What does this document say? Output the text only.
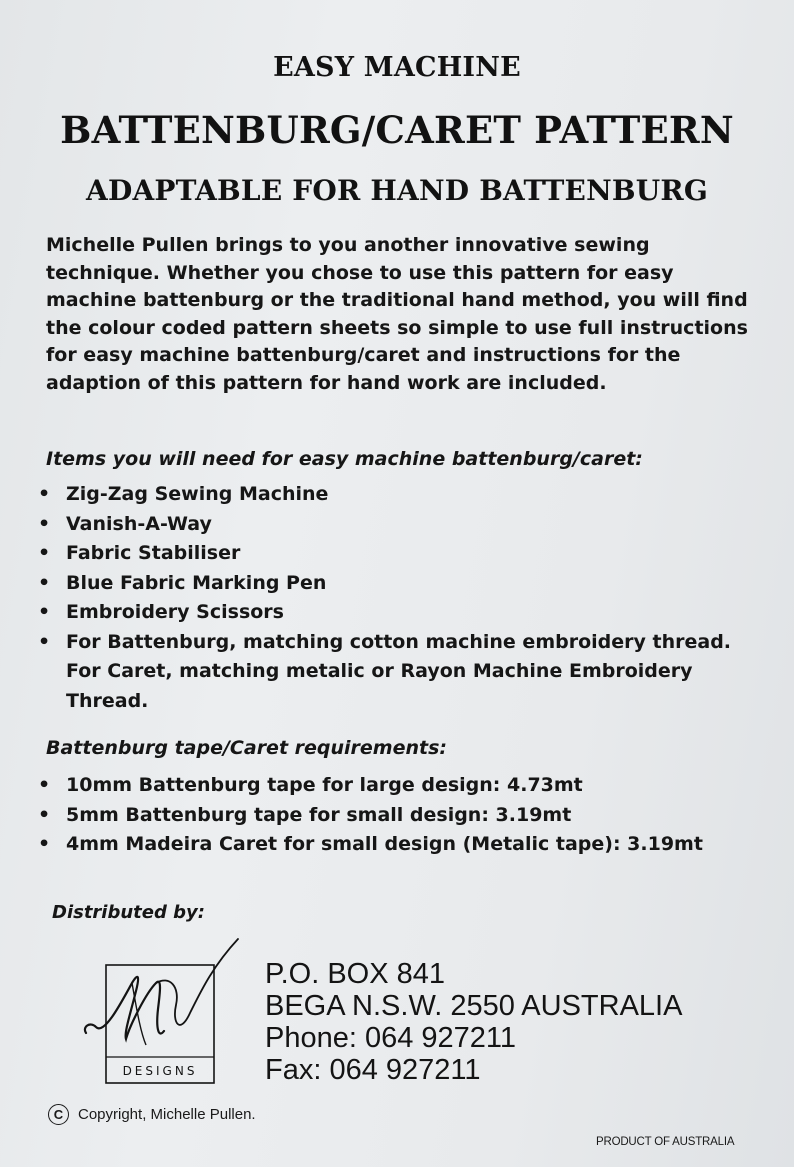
EASY MACHINE
BATTENBURG/CARET PATTERN
ADAPTABLE FOR HAND BATTENBURG
Michelle Pullen brings to you another innovative sewing technique. Whether you chose to use this pattern for easy machine battenburg or the traditional hand method, you will find the colour coded pattern sheets so simple to use full instructions for easy machine battenburg/caret and instructions for the adaption of this pattern for hand work are included.
Items you will need for easy machine battenburg/caret:
• Zig-Zag Sewing Machine
• Vanish-A-Way
• Fabric Stabiliser
• Blue Fabric Marking Pen
• Embroidery Scissors
• For Battenburg, matching cotton machine embroidery thread. For Caret, matching metalic or Rayon Machine Embroidery Thread.
Battenburg tape/Caret requirements:
• 10mm Battenburg tape for large design: 4.73mt
• 5mm Battenburg tape for small design: 3.19mt
• 4mm Madeira Caret for small design (Metalic tape): 3.19mt
Distributed by:
DESIGNS
P.O. BOX 841
BEGA N.S.W. 2550 AUSTRALIA
Phone: 064 927211
Fax: 064 927211
C Copyright, Michelle Pullen.
PRODUCT OF AUSTRALIA
